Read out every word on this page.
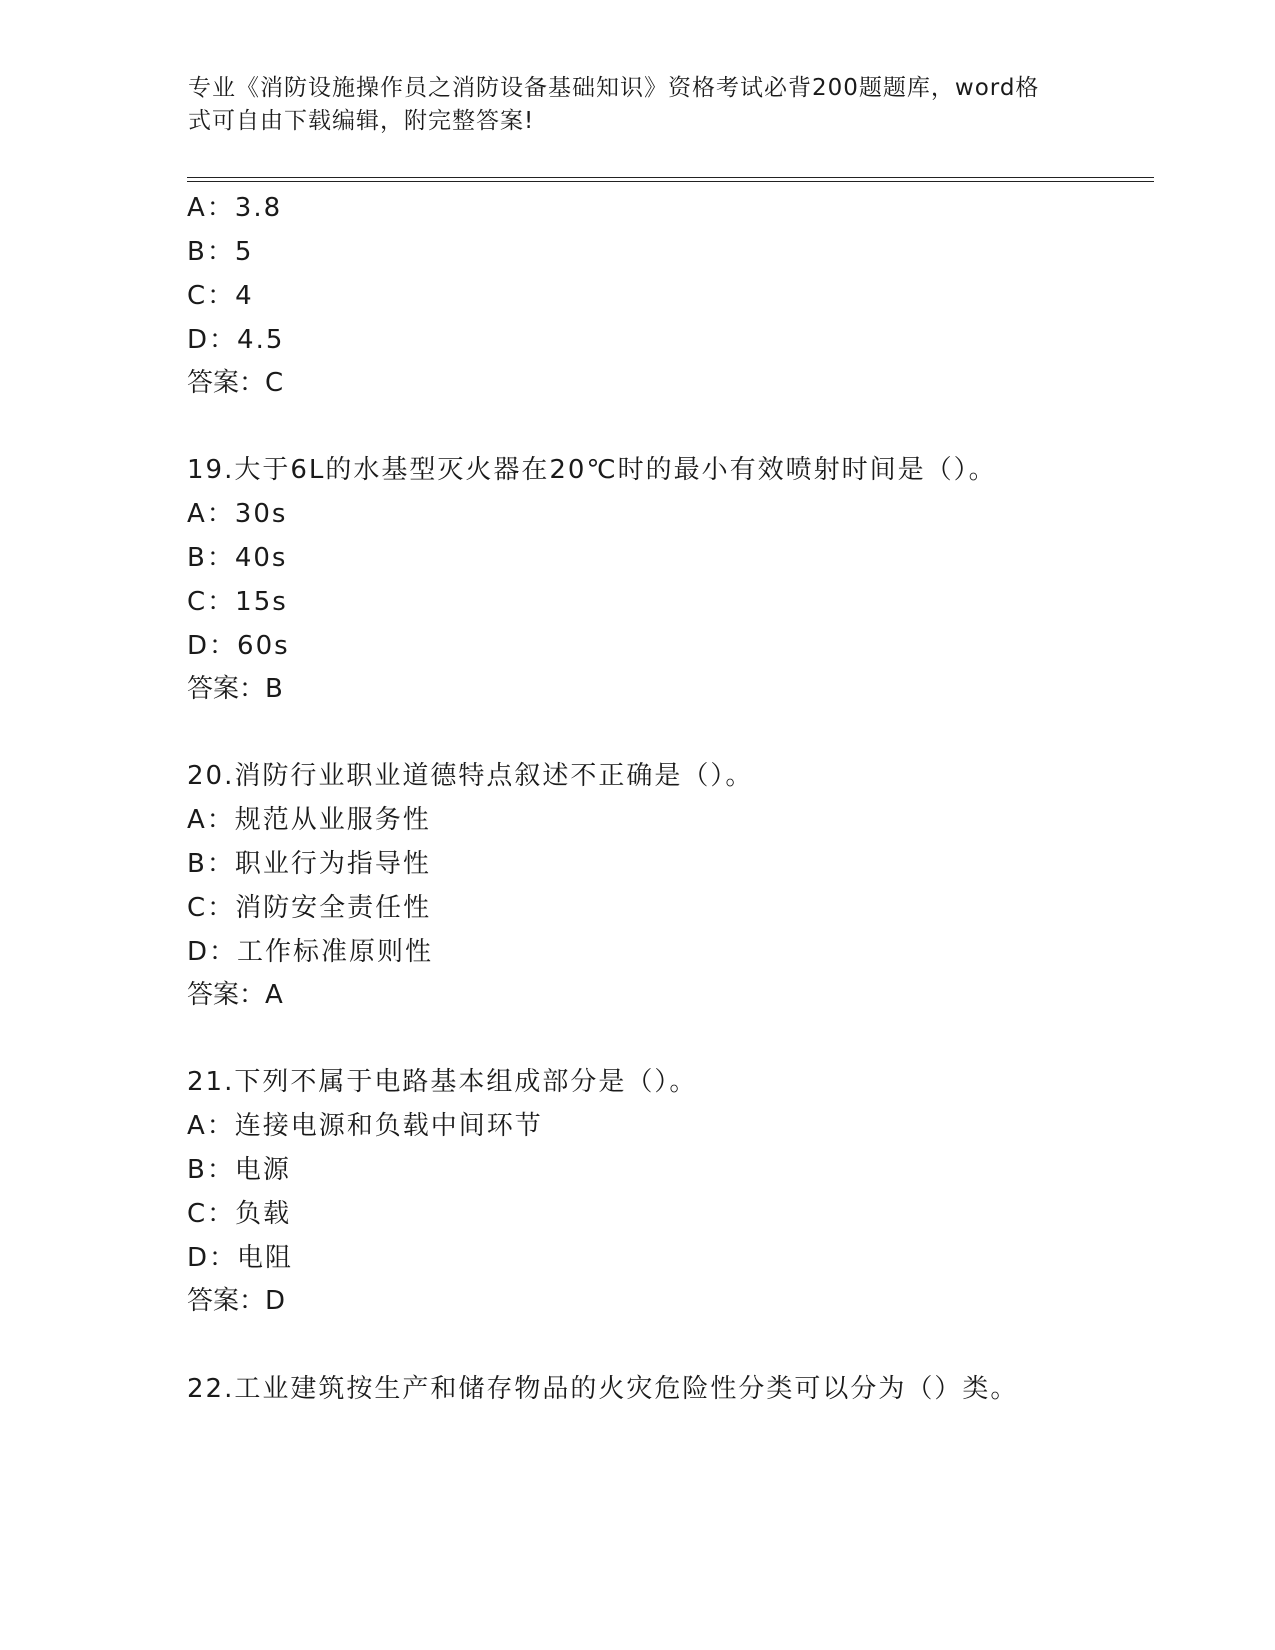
专业《消防设施操作员之消防设备基础知识》资格考试必背200题题库，word格
式可自由下载编辑，附完整答案!
A：3.8
B：5
C：4
D：4.5
答案：C
19.大于6L的水基型灭火器在20℃时的最小有效喷射时间是（）。
A：30s
B：40s
C：15s
D：60s
答案：B
20.消防行业职业道德特点叙述不正确是（）。
A：规范从业服务性
B：职业行为指导性
C：消防安全责任性
D：工作标准原则性
答案：A
21.下列不属于电路基本组成部分是（）。
A：连接电源和负载中间环节
B：电源
C：负载
D：电阻
答案：D
22.工业建筑按生产和储存物品的火灾危险性分类可以分为（）类。
